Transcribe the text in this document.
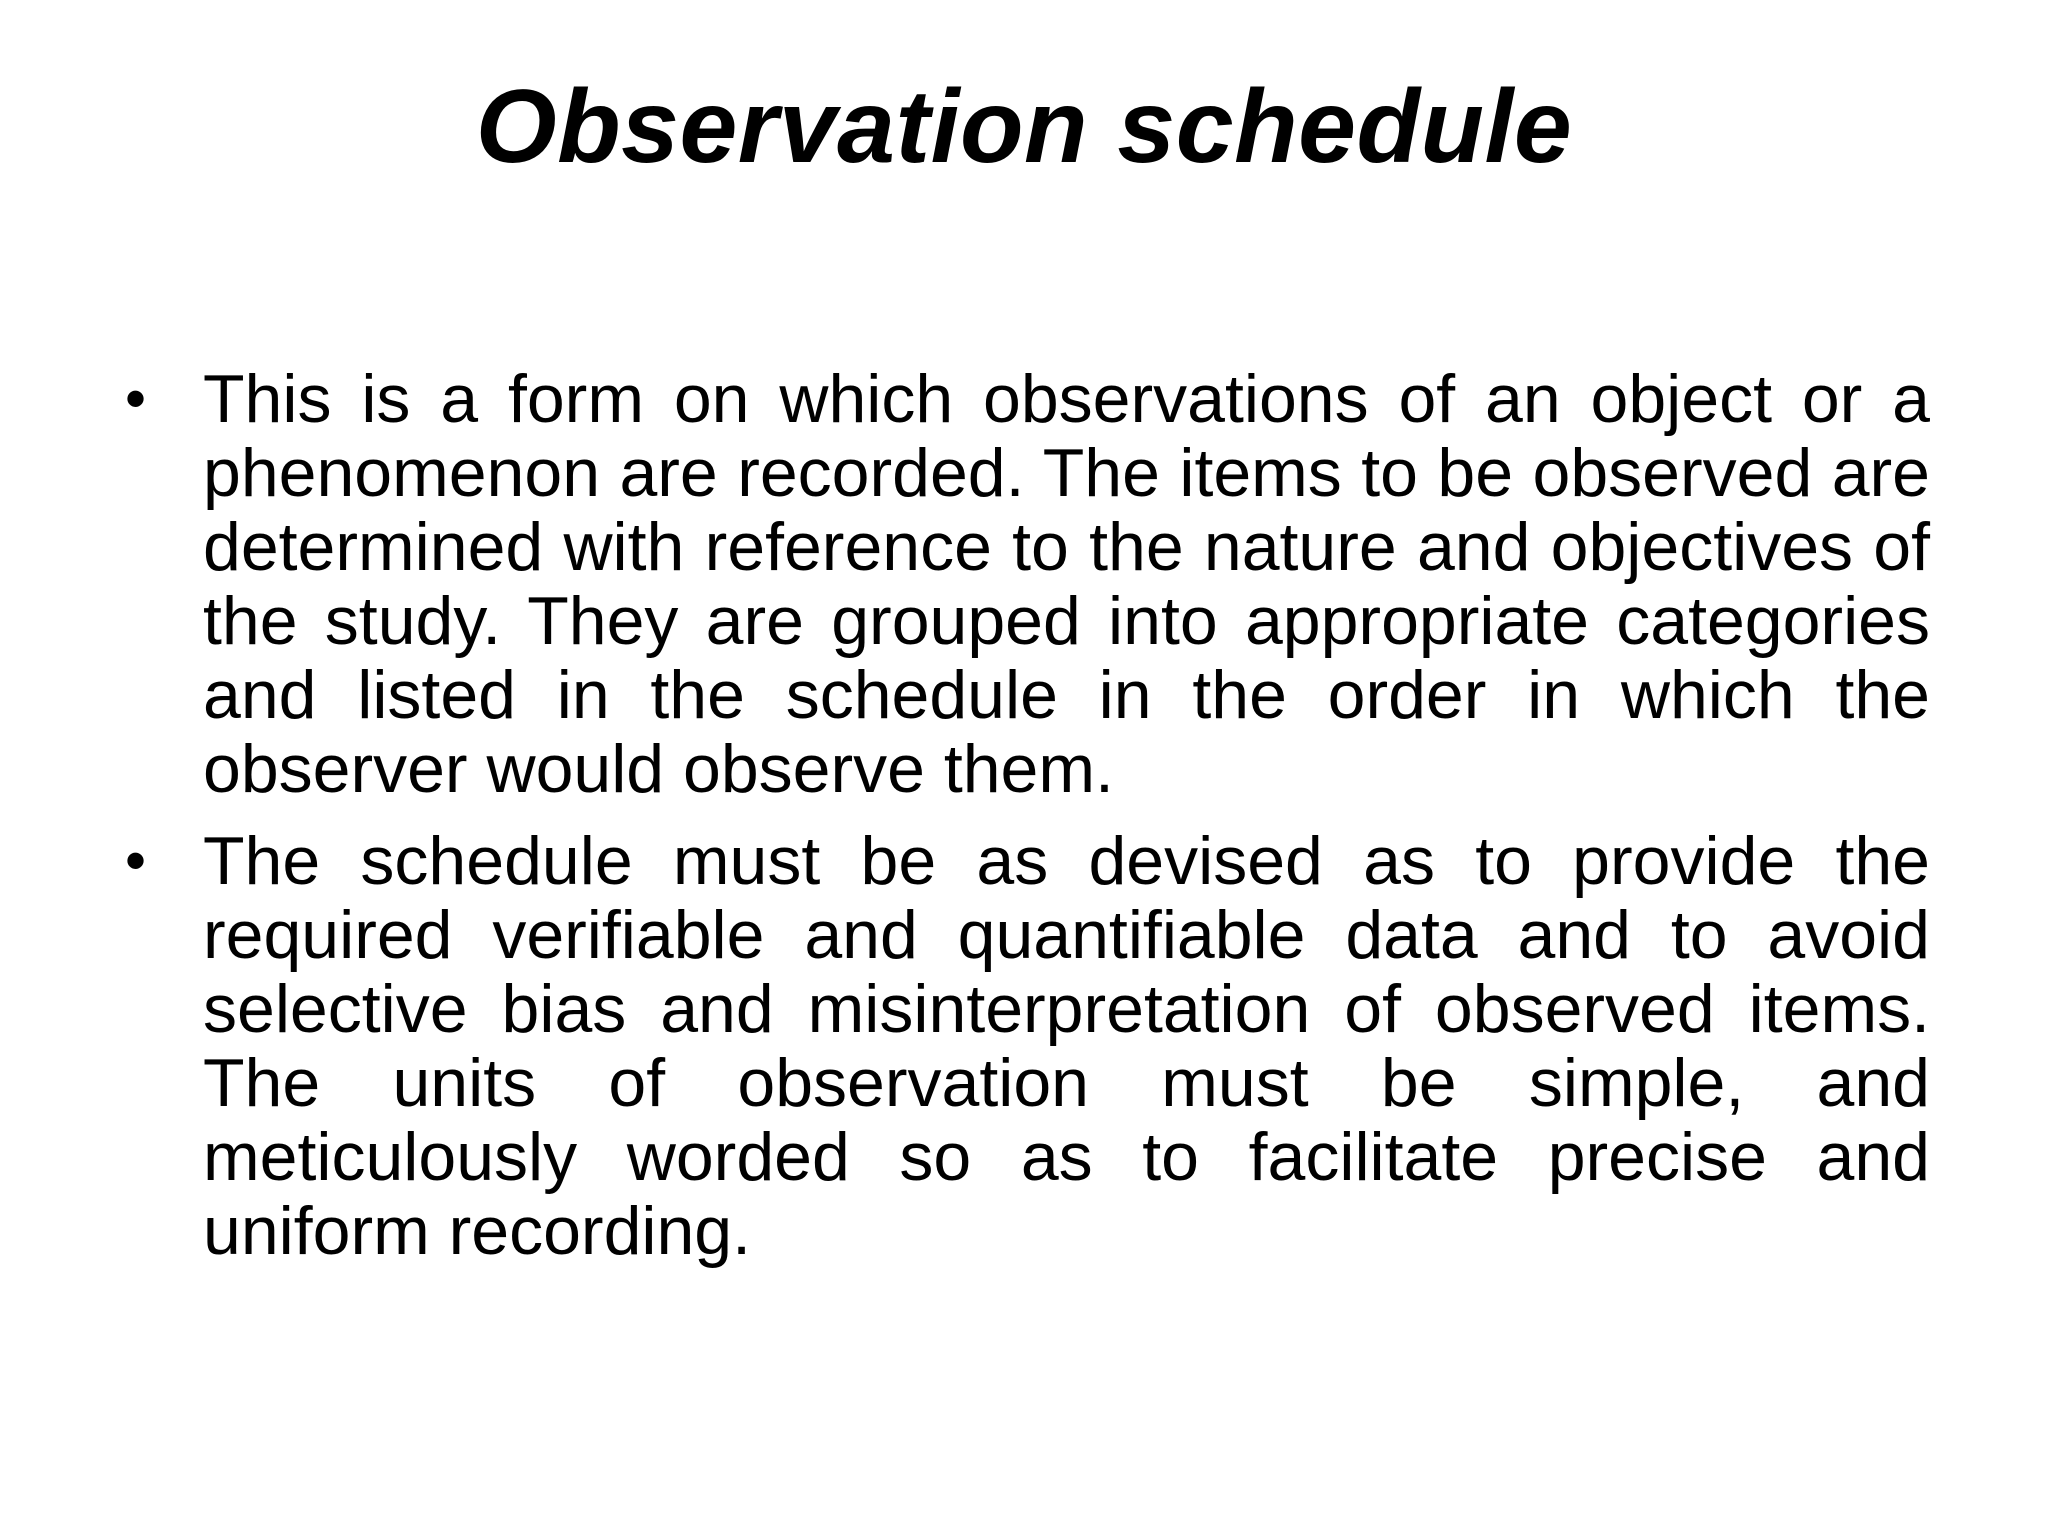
Observation schedule
• This is a form on which observations of an object or a phenomenon are recorded. The items to be observed are determined with reference to the nature and objectives of the study. They are grouped into appropriate categories and listed in the schedule in the order in which the observer would observe them.
• The schedule must be as devised as to provide the required verifiable and quantifiable data and to avoid selective bias and misinterpretation of observed items. The units of observation must be simple, and meticulously worded so as to facilitate precise and uniform recording.
